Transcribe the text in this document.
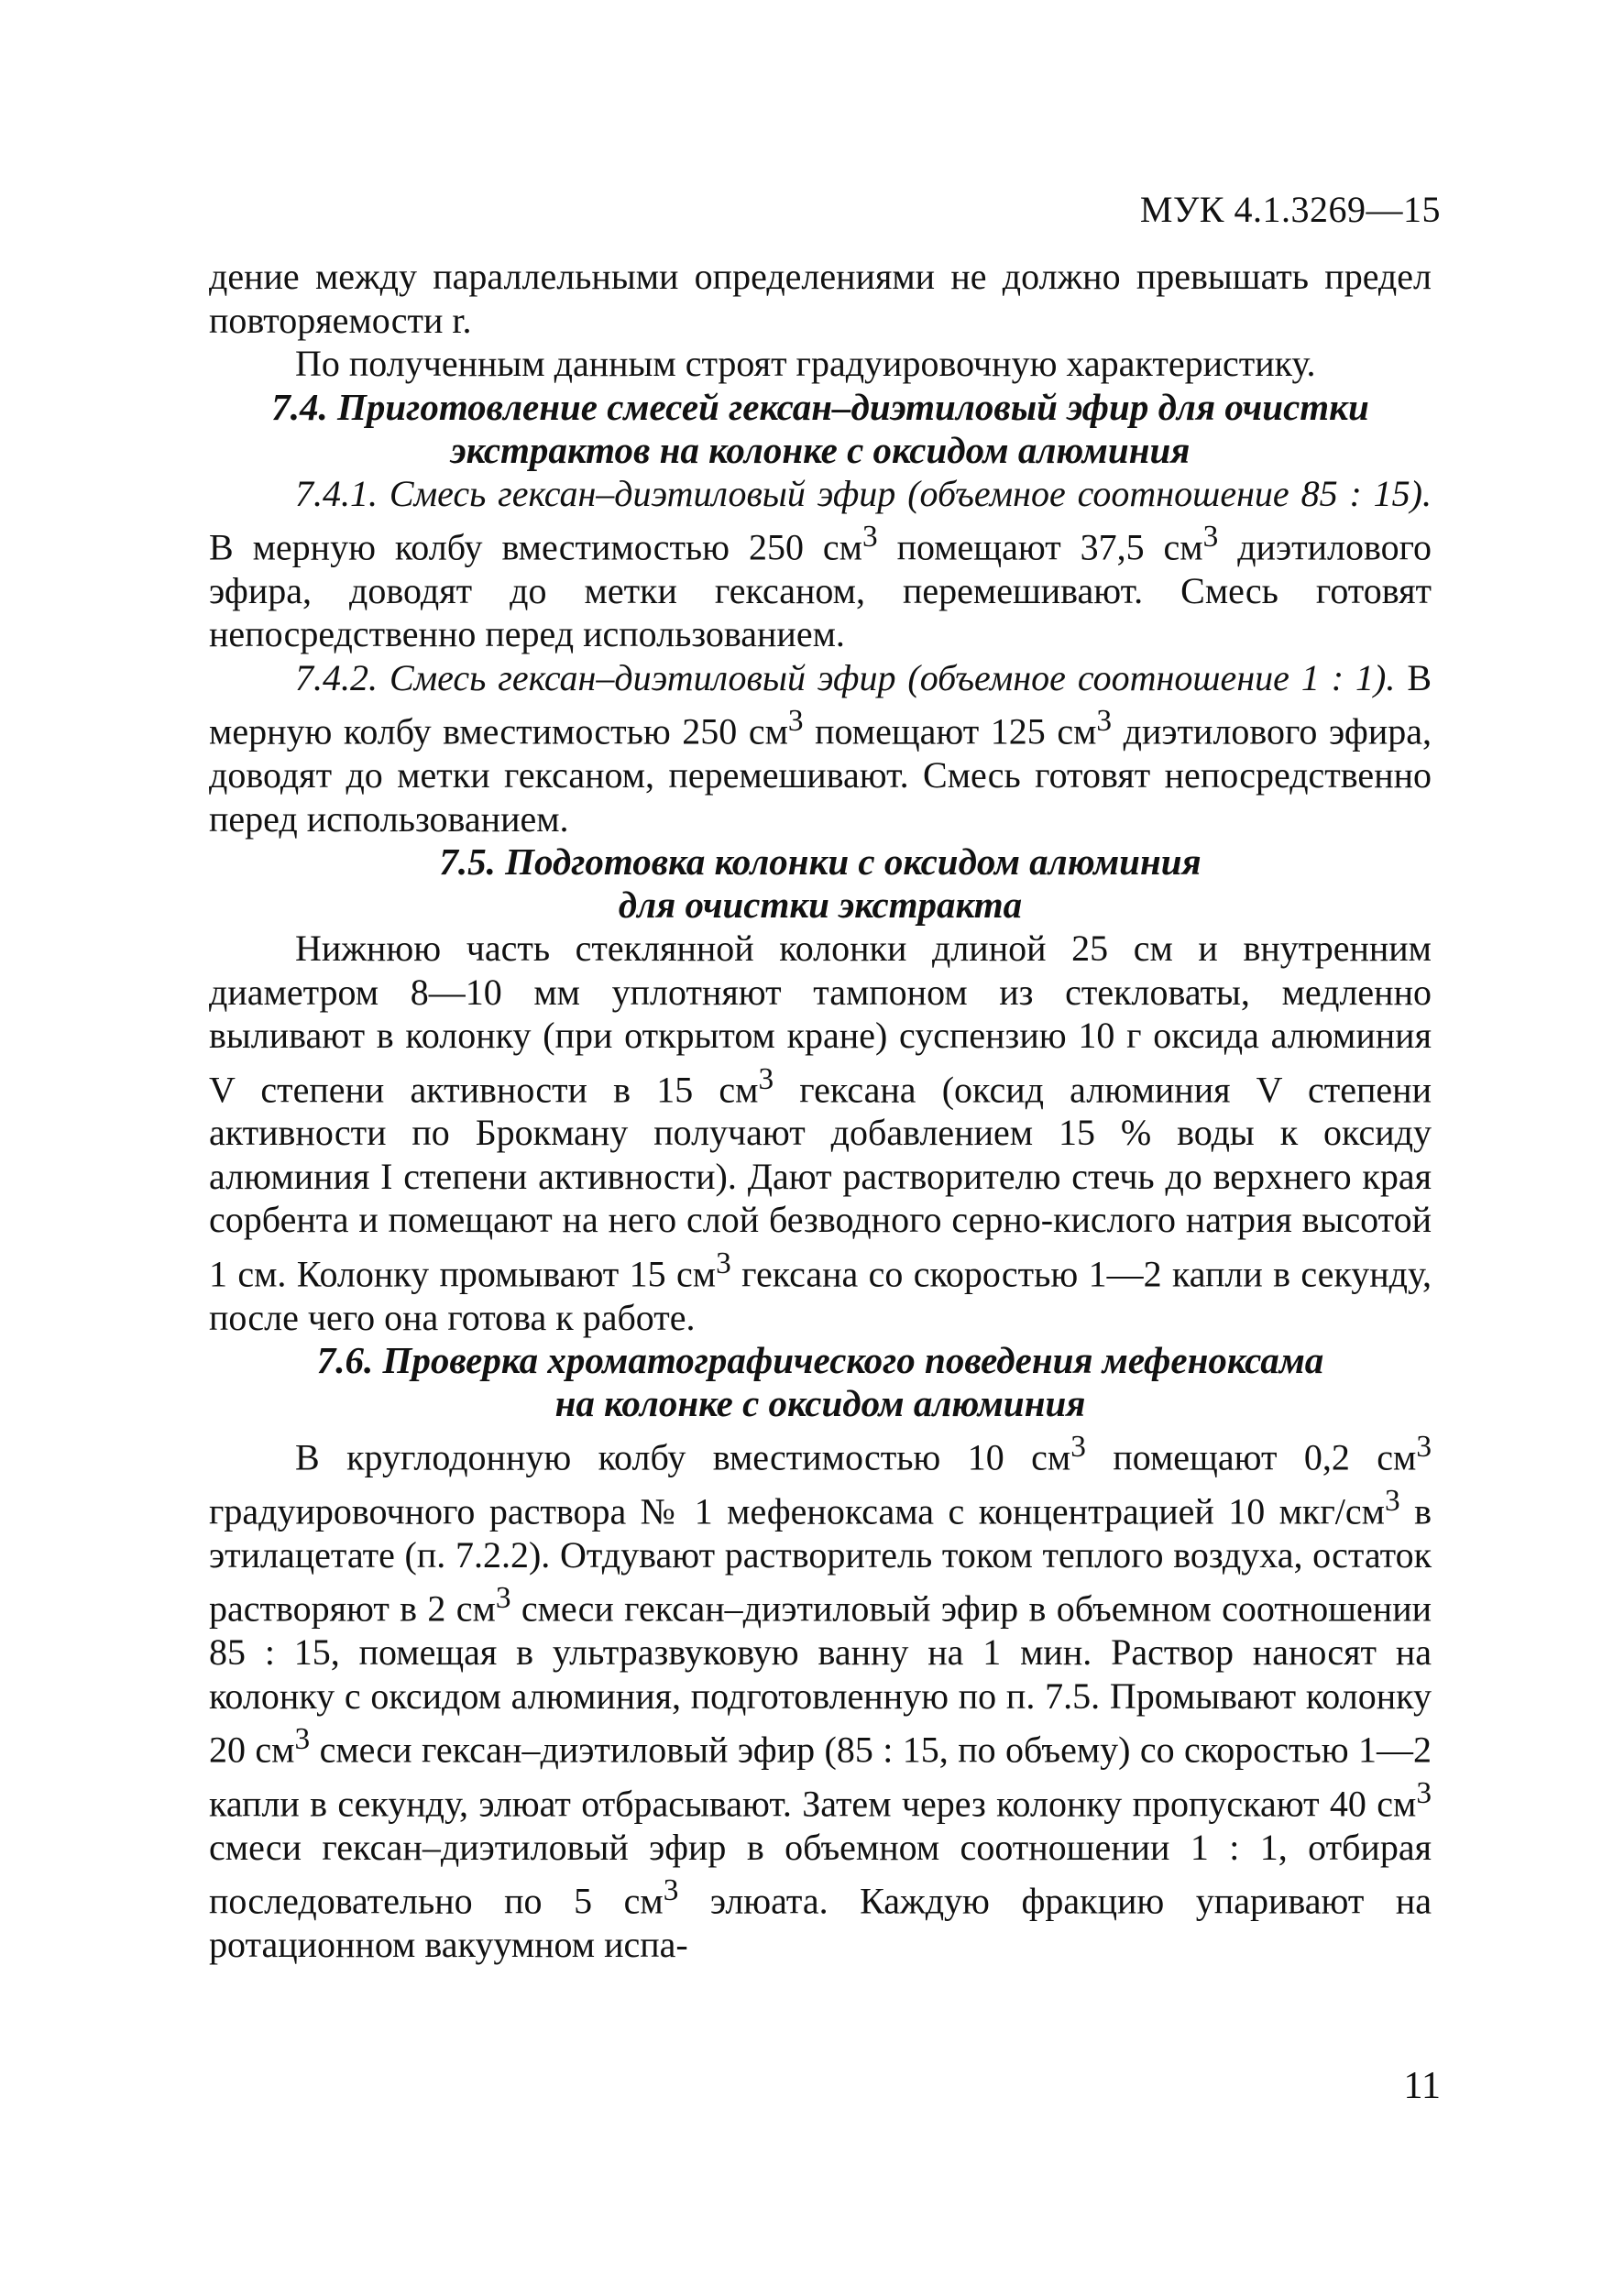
МУК 4.1.3269—15

дение между параллельными определениями не должно превышать предел повторяемости r.

По полученным данным строят градуировочную характеристику.

7.4. Приготовление смесей гексан–диэтиловый эфир для очистки экстрактов на колонке с оксидом алюминия

7.4.1. Смесь гексан–диэтиловый эфир (объемное соотношение 85 : 15). В мерную колбу вместимостью 250 $см^3$ помещают 37,5 $см^3$ диэтилового эфира, доводят до метки гексаном, перемешивают. Смесь готовят непосредственно перед использованием.

7.4.2. Смесь гексан–диэтиловый эфир (объемное соотношение 1 : 1). В мерную колбу вместимостью 250 $см^3$ помещают 125 $см^3$ диэтилового эфира, доводят до метки гексаном, перемешивают. Смесь готовят непосредственно перед использованием.

7.5. Подготовка колонки с оксидом алюминия
для очистки экстракта

Нижнюю часть стеклянной колонки длиной 25 см и внутренним диаметром 8—10 мм уплотняют тампоном из стекловаты, медленно выливают в колонку (при открытом кране) суспензию 10 г оксида алюминия V степени активности в 15 $см^3$ гексана (оксид алюминия V степени активности по Брокману получают добавлением 15 % воды к оксиду алюминия I степени активности). Дают растворителю стечь до верхнего края сорбента и помещают на него слой безводного серно-кислого натрия высотой 1 см. Колонку промывают 15 $см^3$ гексана со скоростью 1—2 капли в секунду, после чего она готова к работе.

7.6. Проверка хроматографического поведения мефеноксама
на колонке с оксидом алюминия

В круглодонную колбу вместимостью 10 $см^3$ помещают 0,2 $см^3$ градуировочного раствора № 1 мефеноксама с концентрацией 10 мкг/$см^3$ в этилацетате (п. 7.2.2). Отдувают растворитель током теплого воздуха, остаток растворяют в 2 $см^3$ смеси гексан–диэтиловый эфир в объемном соотношении 85 : 15, помещая в ультразвуковую ванну на 1 мин. Раствор наносят на колонку с оксидом алюминия, подготовленную по п. 7.5. Промывают колонку 20 $см^3$ смеси гексан–диэтиловый эфир (85 : 15, по объему) со скоростью 1—2 капли в секунду, элюат отбрасывают. Затем через колонку пропускают 40 $см^3$ смеси гексан–диэтиловый эфир в объемном соотношении 1 : 1, отбирая последовательно по 5 $см^3$ элюата. Каждую фракцию упаривают на ротационном вакуумном испа-

11
